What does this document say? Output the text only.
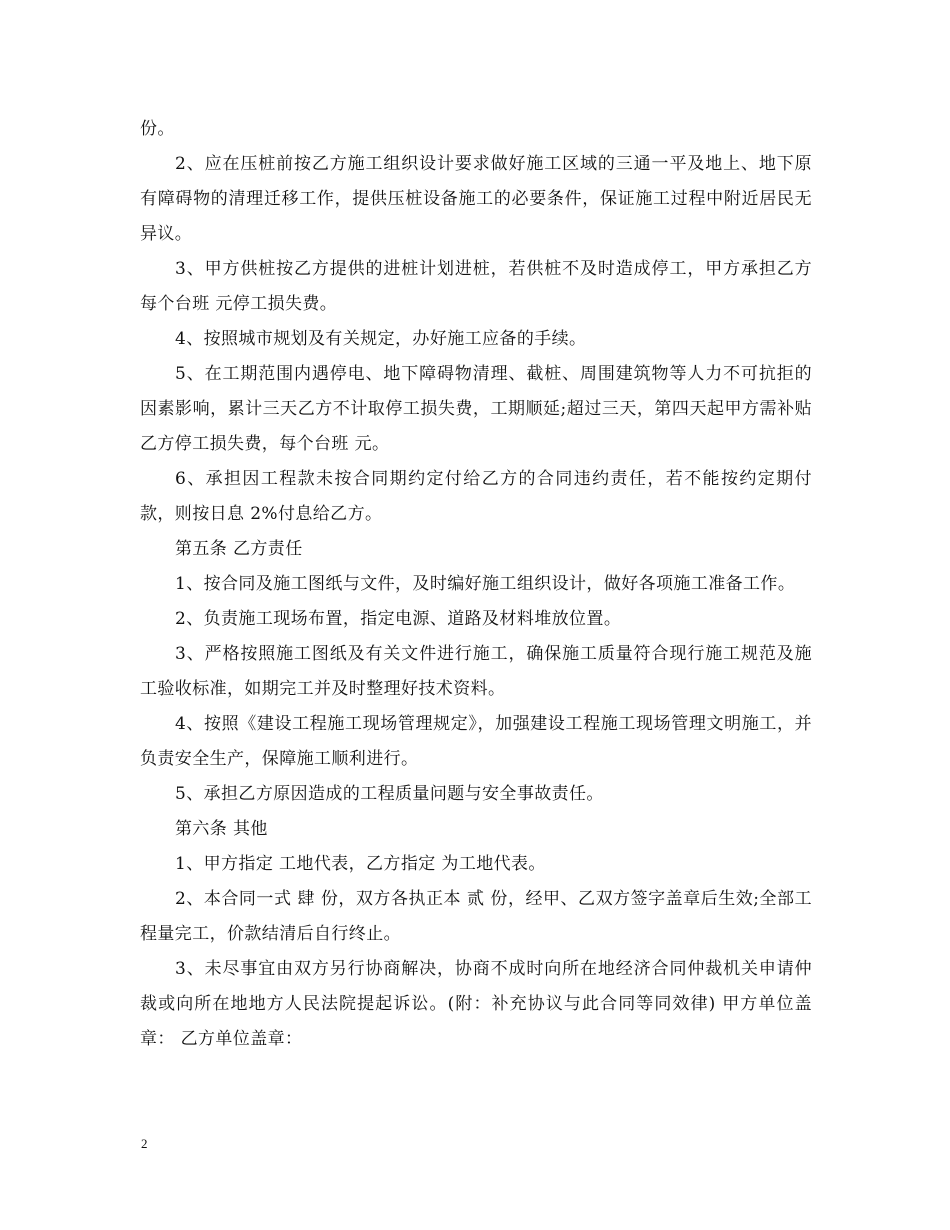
份。

2、应在压桩前按乙方施工组织设计要求做好施工区域的三通一平及地上、地下原有障碍物的清理迁移工作，提供压桩设备施工的必要条件，保证施工过程中附近居民无异议。

3、甲方供桩按乙方提供的进桩计划进桩，若供桩不及时造成停工，甲方承担乙方每个台班 元停工损失费。

4、按照城市规划及有关规定，办好施工应备的手续。

5、在工期范围内遇停电、地下障碍物清理、截桩、周围建筑物等人力不可抗拒的因素影响，累计三天乙方不计取停工损失费，工期顺延;超过三天，第四天起甲方需补贴乙方停工损失费，每个台班 元。

6、承担因工程款未按合同期约定付给乙方的合同违约责任，若不能按约定期付款，则按日息 2%付息给乙方。

第五条 乙方责任

1、按合同及施工图纸与文件，及时编好施工组织设计，做好各项施工准备工作。

2、负责施工现场布置，指定电源、道路及材料堆放位置。

3、严格按照施工图纸及有关文件进行施工，确保施工质量符合现行施工规范及施工验收标准，如期完工并及时整理好技术资料。

4、按照《建设工程施工现场管理规定》，加强建设工程施工现场管理文明施工，并负责安全生产，保障施工顺利进行。

5、承担乙方原因造成的工程质量问题与安全事故责任。

第六条 其他

1、甲方指定 工地代表，乙方指定 为工地代表。

2、本合同一式 肆 份，双方各执正本 贰 份，经甲、乙双方签字盖章后生效;全部工程量完工，价款结清后自行终止。

3、未尽事宜由双方另行协商解决，协商不成时向所在地经济合同仲裁机关申请仲裁或向所在地地方人民法院提起诉讼。(附：补充协议与此合同等同效律) 甲方单位盖章： 乙方单位盖章：

2
